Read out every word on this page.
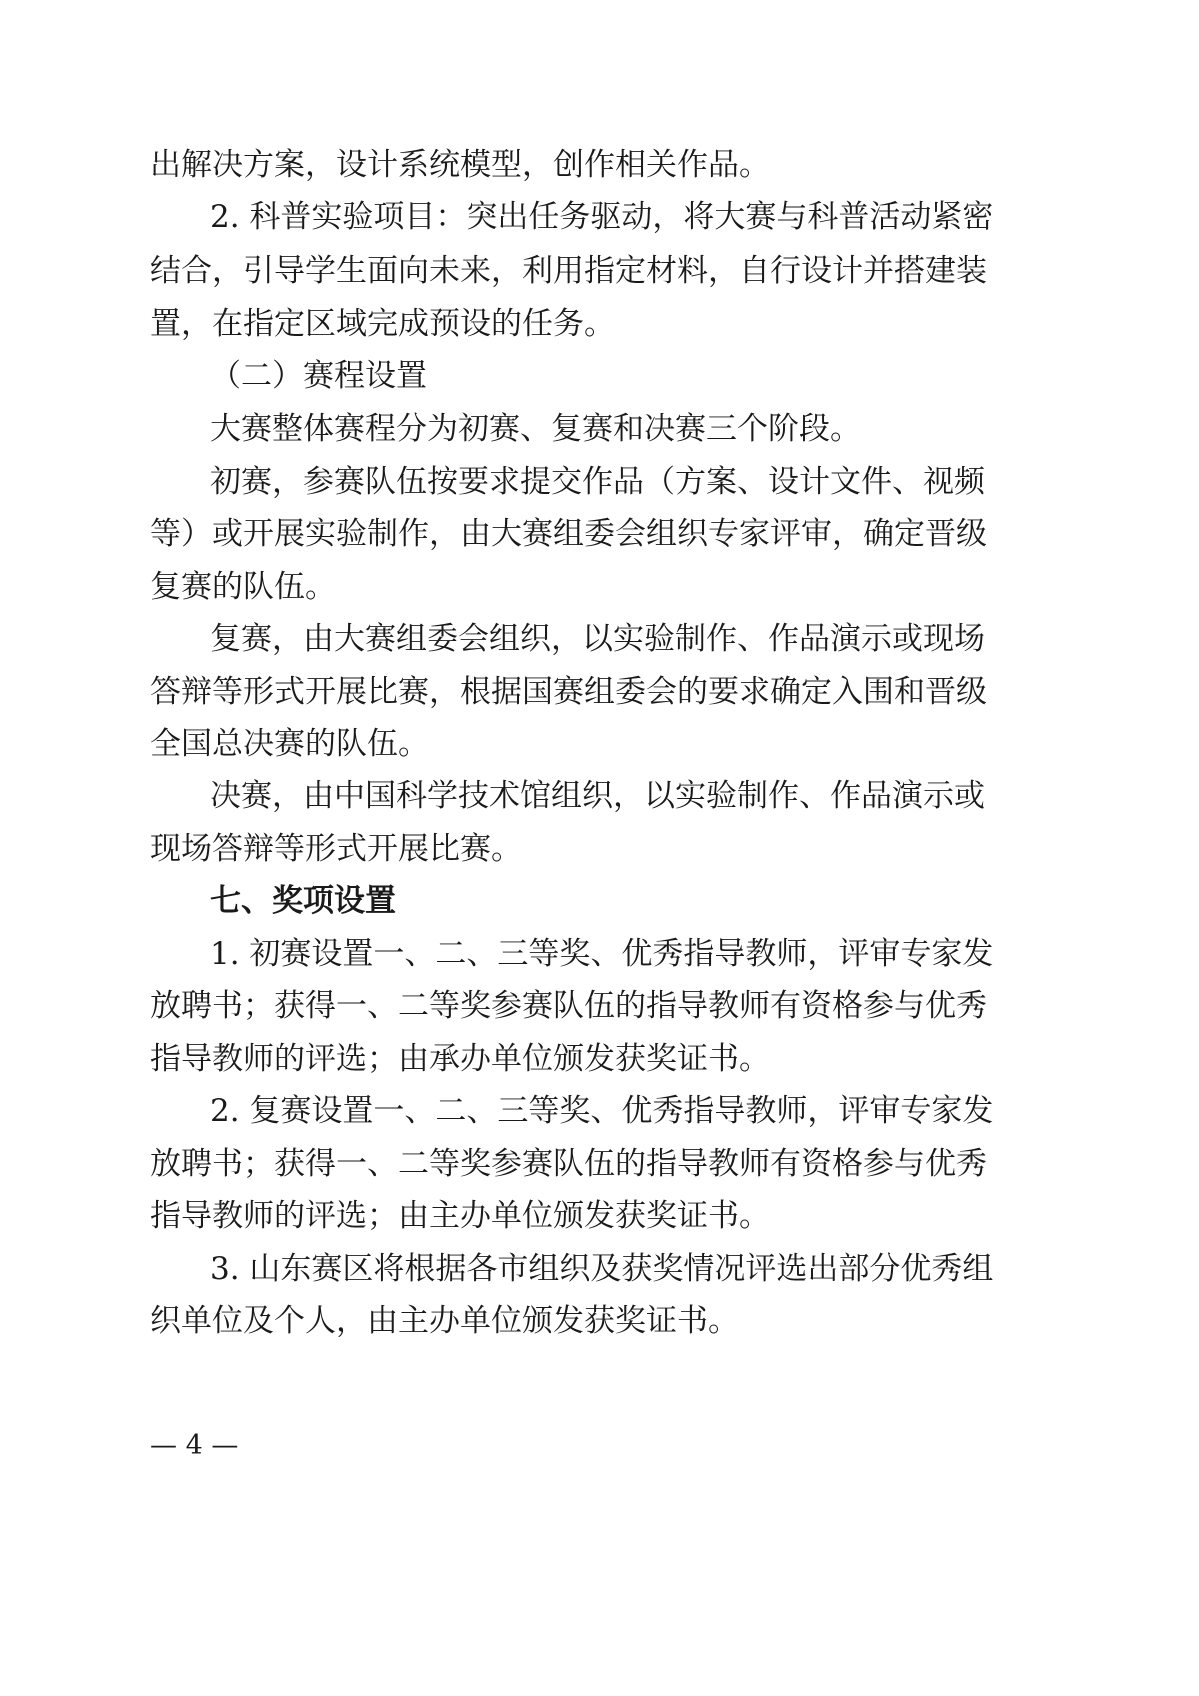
出解决方案，设计系统模型，创作相关作品。
2. 科普实验项目：突出任务驱动，将大赛与科普活动紧密
结合，引导学生面向未来，利用指定材料，自行设计并搭建装
置，在指定区域完成预设的任务。
（二）赛程设置
大赛整体赛程分为初赛、复赛和决赛三个阶段。
初赛，参赛队伍按要求提交作品（方案、设计文件、视频
等）或开展实验制作，由大赛组委会组织专家评审，确定晋级
复赛的队伍。
复赛，由大赛组委会组织，以实验制作、作品演示或现场
答辩等形式开展比赛，根据国赛组委会的要求确定入围和晋级
全国总决赛的队伍。
决赛，由中国科学技术馆组织，以实验制作、作品演示或
现场答辩等形式开展比赛。
七、奖项设置
1. 初赛设置一、二、三等奖、优秀指导教师，评审专家发
放聘书；获得一、二等奖参赛队伍的指导教师有资格参与优秀
指导教师的评选；由承办单位颁发获奖证书。
2. 复赛设置一、二、三等奖、优秀指导教师，评审专家发
放聘书；获得一、二等奖参赛队伍的指导教师有资格参与优秀
指导教师的评选；由主办单位颁发获奖证书。
3. 山东赛区将根据各市组织及获奖情况评选出部分优秀组
织单位及个人，由主办单位颁发获奖证书。
— 4 —
